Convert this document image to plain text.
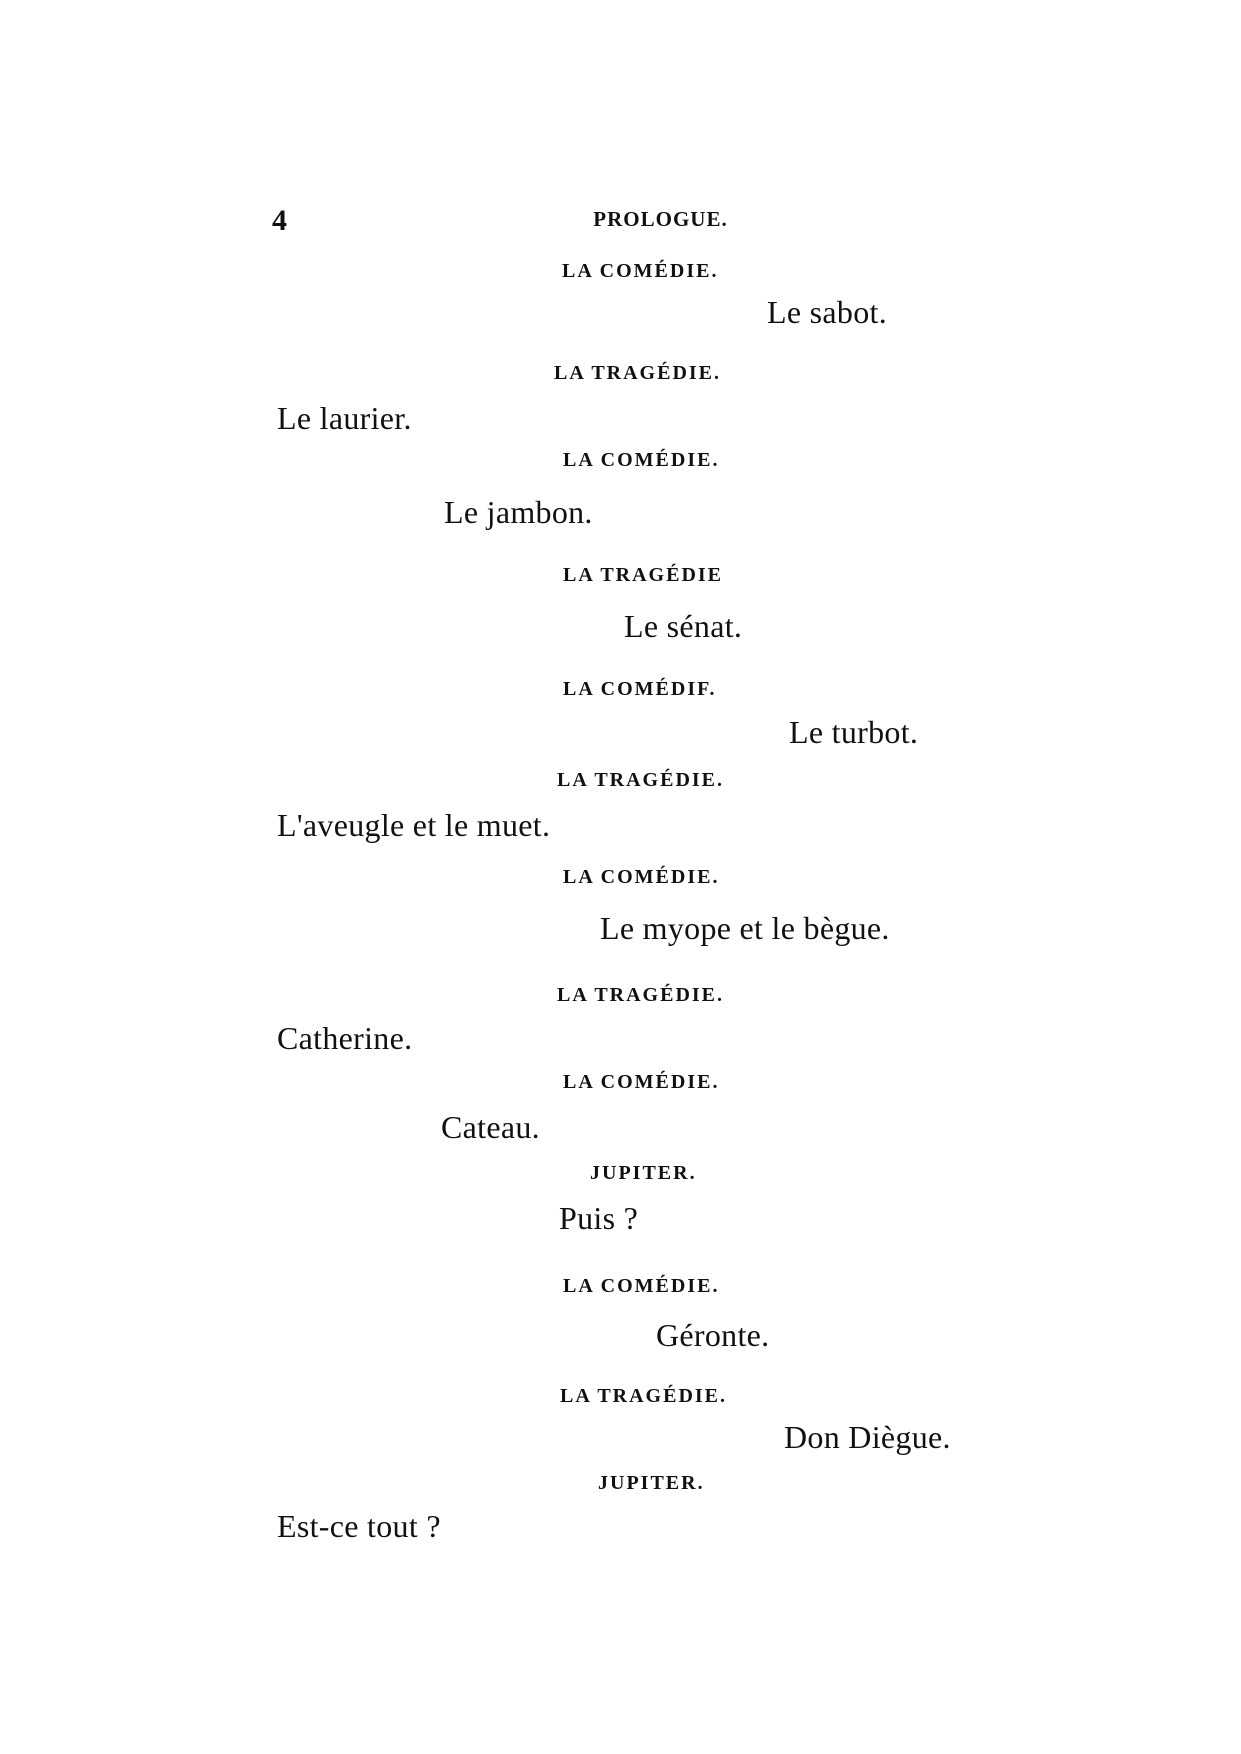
4	PROLOGUE.
LA COMÉDIE.
Le sabot.
LA TRAGÉDIE.
Le laurier.
LA COMÉDIE.
Le jambon.
LA TRAGÉDIE
Le sénat.
LA COMÉDIF.
Le turbot.
LA TRAGÉDIE.
L'aveugle et le muet.
LA COMÉDIE.
Le myope et le bègue.
LA TRAGÉDIE.
Catherine.
LA COMÉDIE.
Cateau.
JUPITER.
Puis ?
LA COMÉDIE.
Géronte.
LA TRAGÉDIE.
Don Diègue.
JUPITER.
Est-ce tout ?
